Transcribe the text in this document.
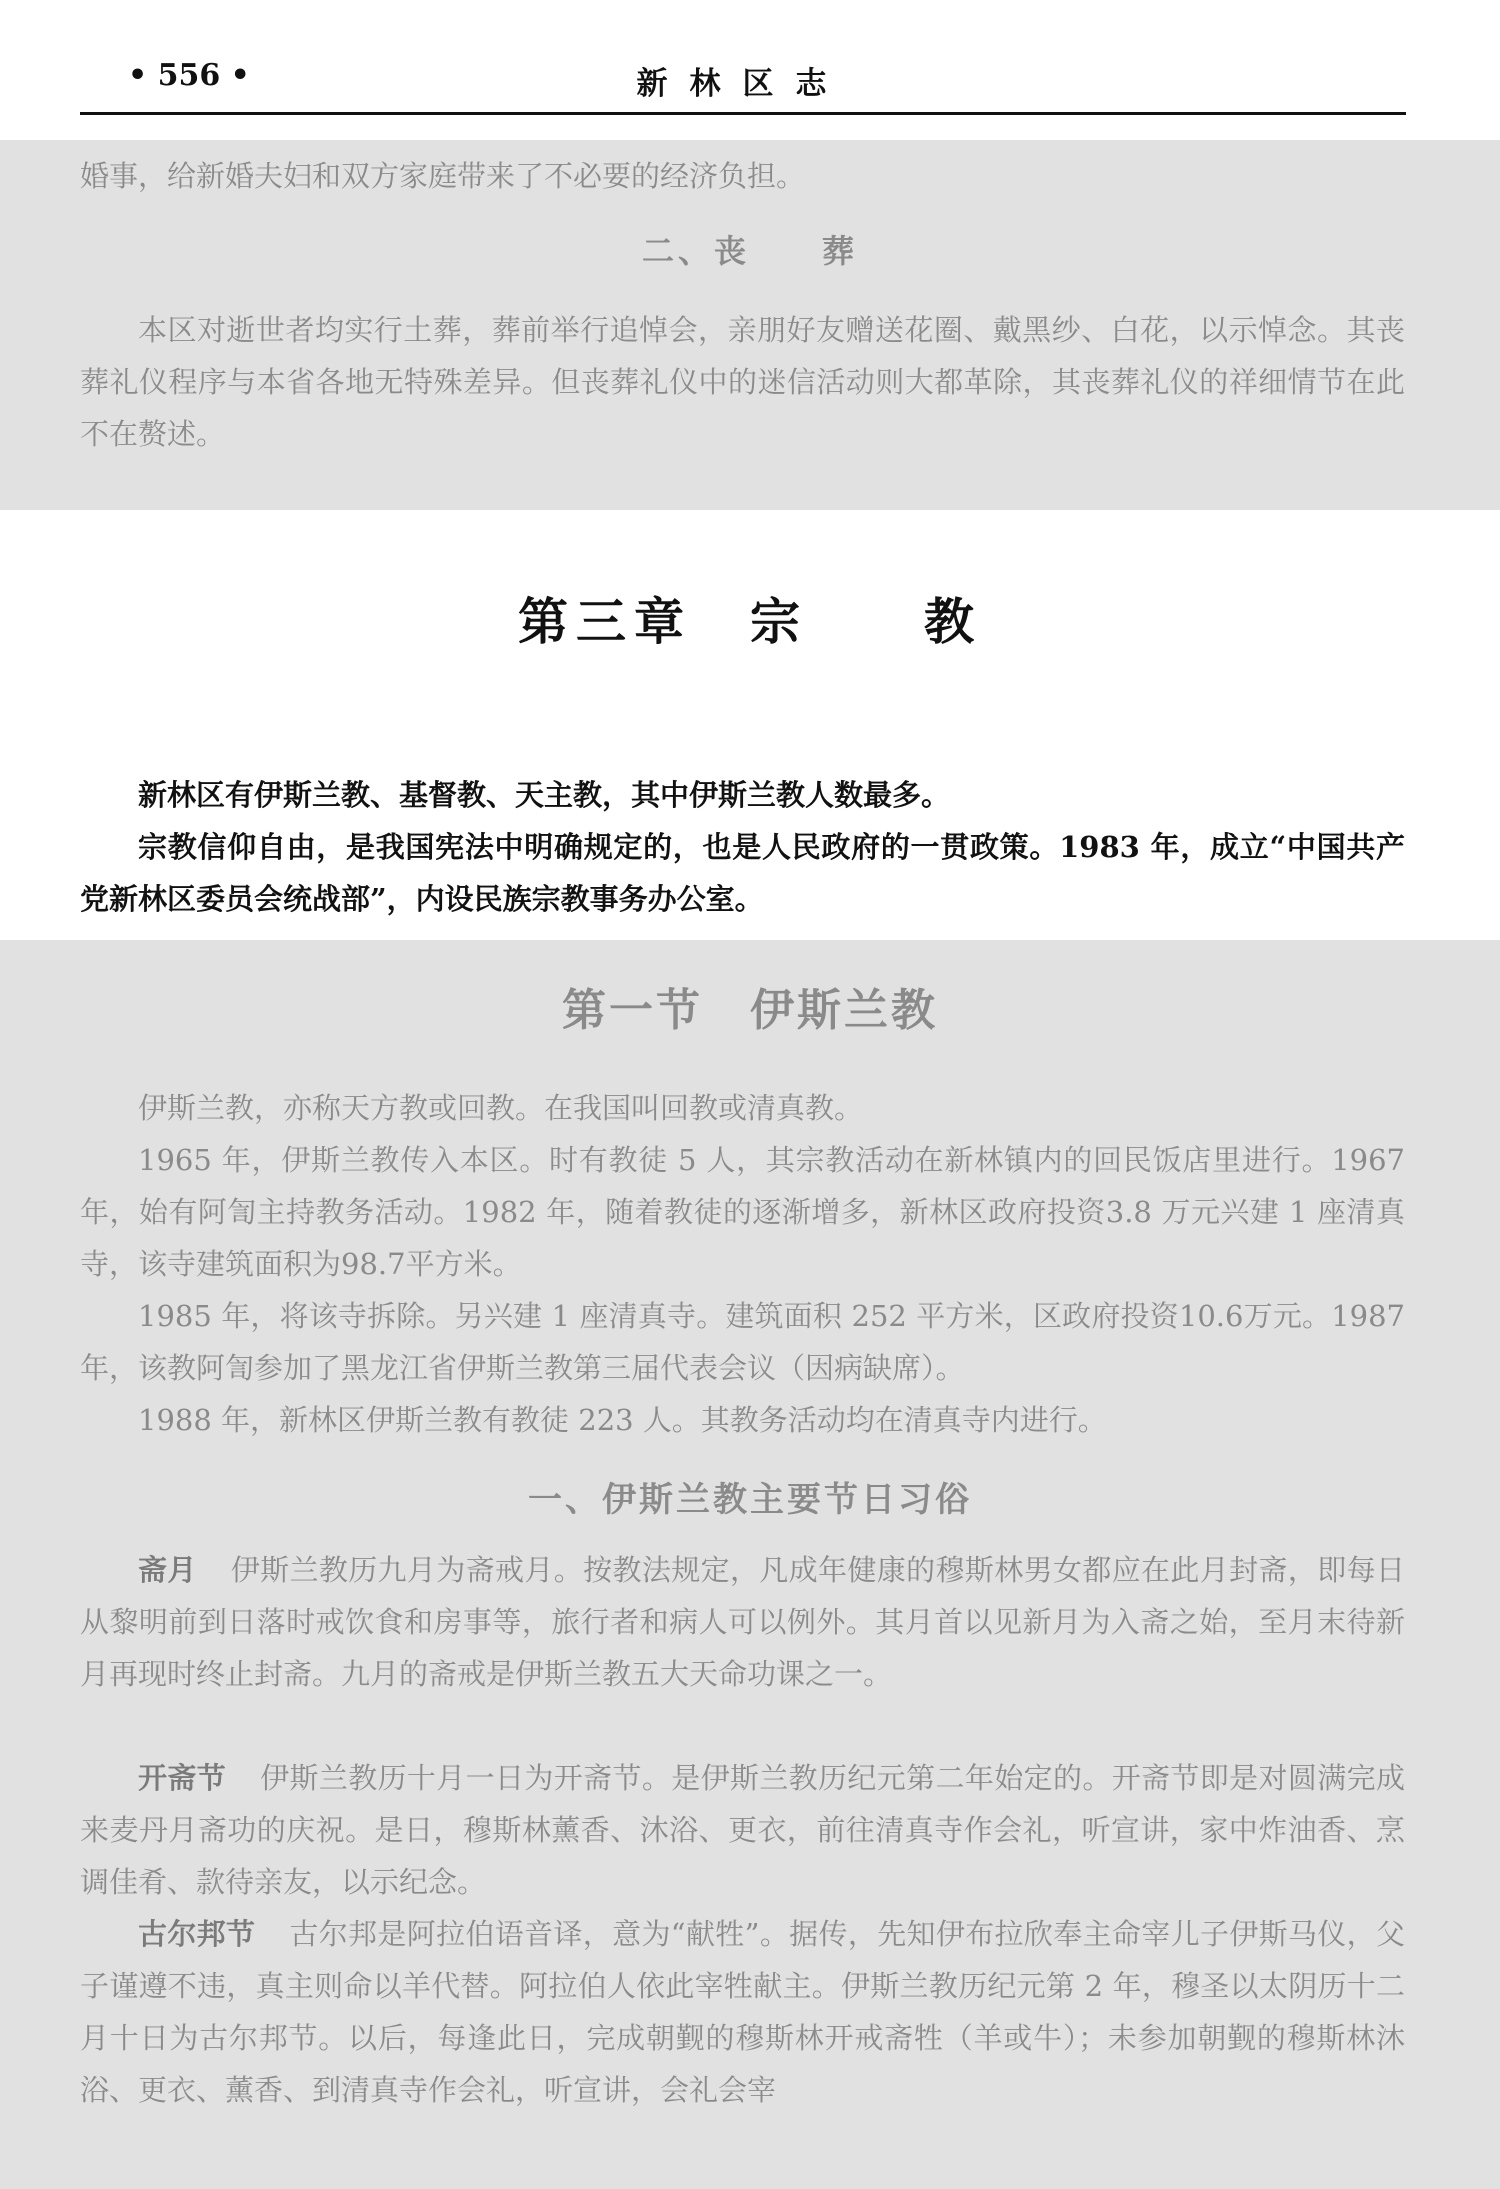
• 556 •	新林区志

婚事，给新婚夫妇和双方家庭带来了不必要的经济负担。

二、丧　　葬

本区对逝世者均实行土葬，葬前举行追悼会，亲朋好友赠送花圈、戴黑纱、白花，以示悼念。其丧葬礼仪程序与本省各地无特殊差异。但丧葬礼仪中的迷信活动则大都革除，其丧葬礼仪的祥细情节在此不在赘述。

第三章　宗　　教

新林区有伊斯兰教、基督教、天主教，其中伊斯兰教人数最多。

宗教信仰自由，是我国宪法中明确规定的，也是人民政府的一贯政策。1983 年，成立“中国共产党新林区委员会统战部”，内设民族宗教事务办公室。

第一节　伊斯兰教

伊斯兰教，亦称天方教或回教。在我国叫回教或清真教。

1965 年，伊斯兰教传入本区。时有教徒 5 人，其宗教活动在新林镇内的回民饭店里进行。1967 年，始有阿訇主持教务活动。1982 年，随着教徒的逐渐增多，新林区政府投资3.8 万元兴建 1 座清真寺，该寺建筑面积为98.7平方米。

1985 年，将该寺拆除。另兴建 1 座清真寺。建筑面积 252 平方米，区政府投资10.6万元。1987 年，该教阿訇参加了黑龙江省伊斯兰教第三届代表会议（因病缺席）。

1988 年，新林区伊斯兰教有教徒 223 人。其教务活动均在清真寺内进行。

一、伊斯兰教主要节日习俗

斋月 伊斯兰教历九月为斋戒月。按教法规定，凡成年健康的穆斯林男女都应在此月封斋，即每日从黎明前到日落时戒饮食和房事等，旅行者和病人可以例外。其月首以见新月为入斋之始，至月末待新月再现时终止封斋。九月的斋戒是伊斯兰教五大天命功课之一。

开斋节 伊斯兰教历十月一日为开斋节。是伊斯兰教历纪元第二年始定的。开斋节即是对圆满完成来麦丹月斋功的庆祝。是日，穆斯林薰香、沐浴、更衣，前往清真寺作会礼，听宣讲，家中炸油香、烹调佳肴、款待亲友，以示纪念。

古尔邦节 古尔邦是阿拉伯语音译，意为“献牲”。据传，先知伊布拉欣奉主命宰儿子伊斯马仪，父子谨遵不违，真主则命以羊代替。阿拉伯人依此宰牲献主。伊斯兰教历纪元第 2 年，穆圣以太阴历十二月十日为古尔邦节。以后，每逢此日，完成朝觐的穆斯林开戒斋牲（羊或牛）；未参加朝觐的穆斯林沐浴、更衣、薰香、到清真寺作会礼，听宣讲，会礼会宰
